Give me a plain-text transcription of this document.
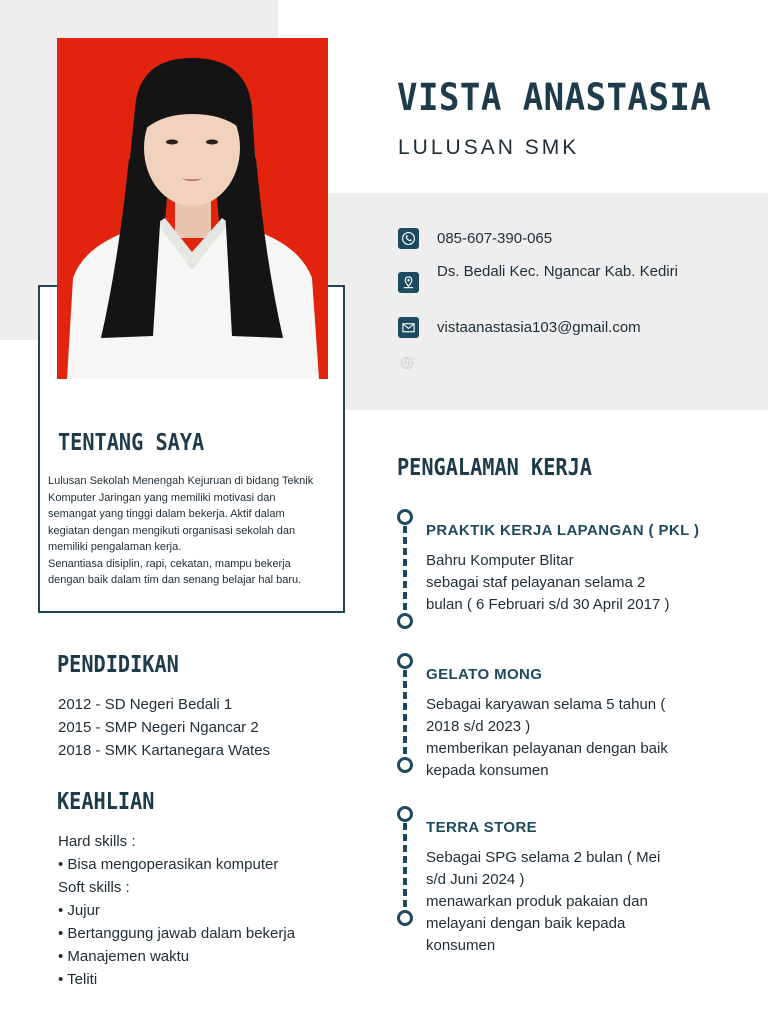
VISTA ANASTASIA

LULUSAN SMK

085-607-390-065
Ds. Bedali Kec. Ngancar Kab. Kediri
vistaanastasia103@gmail.com
TENTANG SAYA
Lulusan Sekolah Menengah Kejuruan di bidang Teknik
Komputer Jaringan yang memiliki motivasi dan
semangat yang tinggi dalam bekerja. Aktif dalam
kegiatan dengan mengikuti organisasi sekolah dan
memiliki pengalaman kerja.
Senantiasa disiplin, rapi, cekatan, mampu bekerja
dengan baik dalam tim dan senang belajar hal baru.
PENDIDIKAN
2012 - SD Negeri Bedali 1
2015 - SMP Negeri Ngancar 2
2018 - SMK Kartanegara Wates
KEAHLIAN
Hard skills :
• Bisa mengoperasikan komputer
Soft skills :
• Jujur
• Bertanggung jawab dalam bekerja
• Manajemen waktu
• Teliti
PENGALAMAN KERJA
PRAKTIK KERJA LAPANGAN ( PKL )
Bahru Komputer Blitar
sebagai staf pelayanan selama 2
bulan ( 6 Februari s/d 30 April 2017 )
GELATO MONG
Sebagai karyawan selama 5 tahun (
2018 s/d 2023 )
memberikan pelayanan dengan baik
kepada konsumen
TERRA STORE
Sebagai SPG selama 2 bulan ( Mei
s/d Juni 2024 )
menawarkan produk pakaian dan
melayani dengan baik kepada
konsumen
